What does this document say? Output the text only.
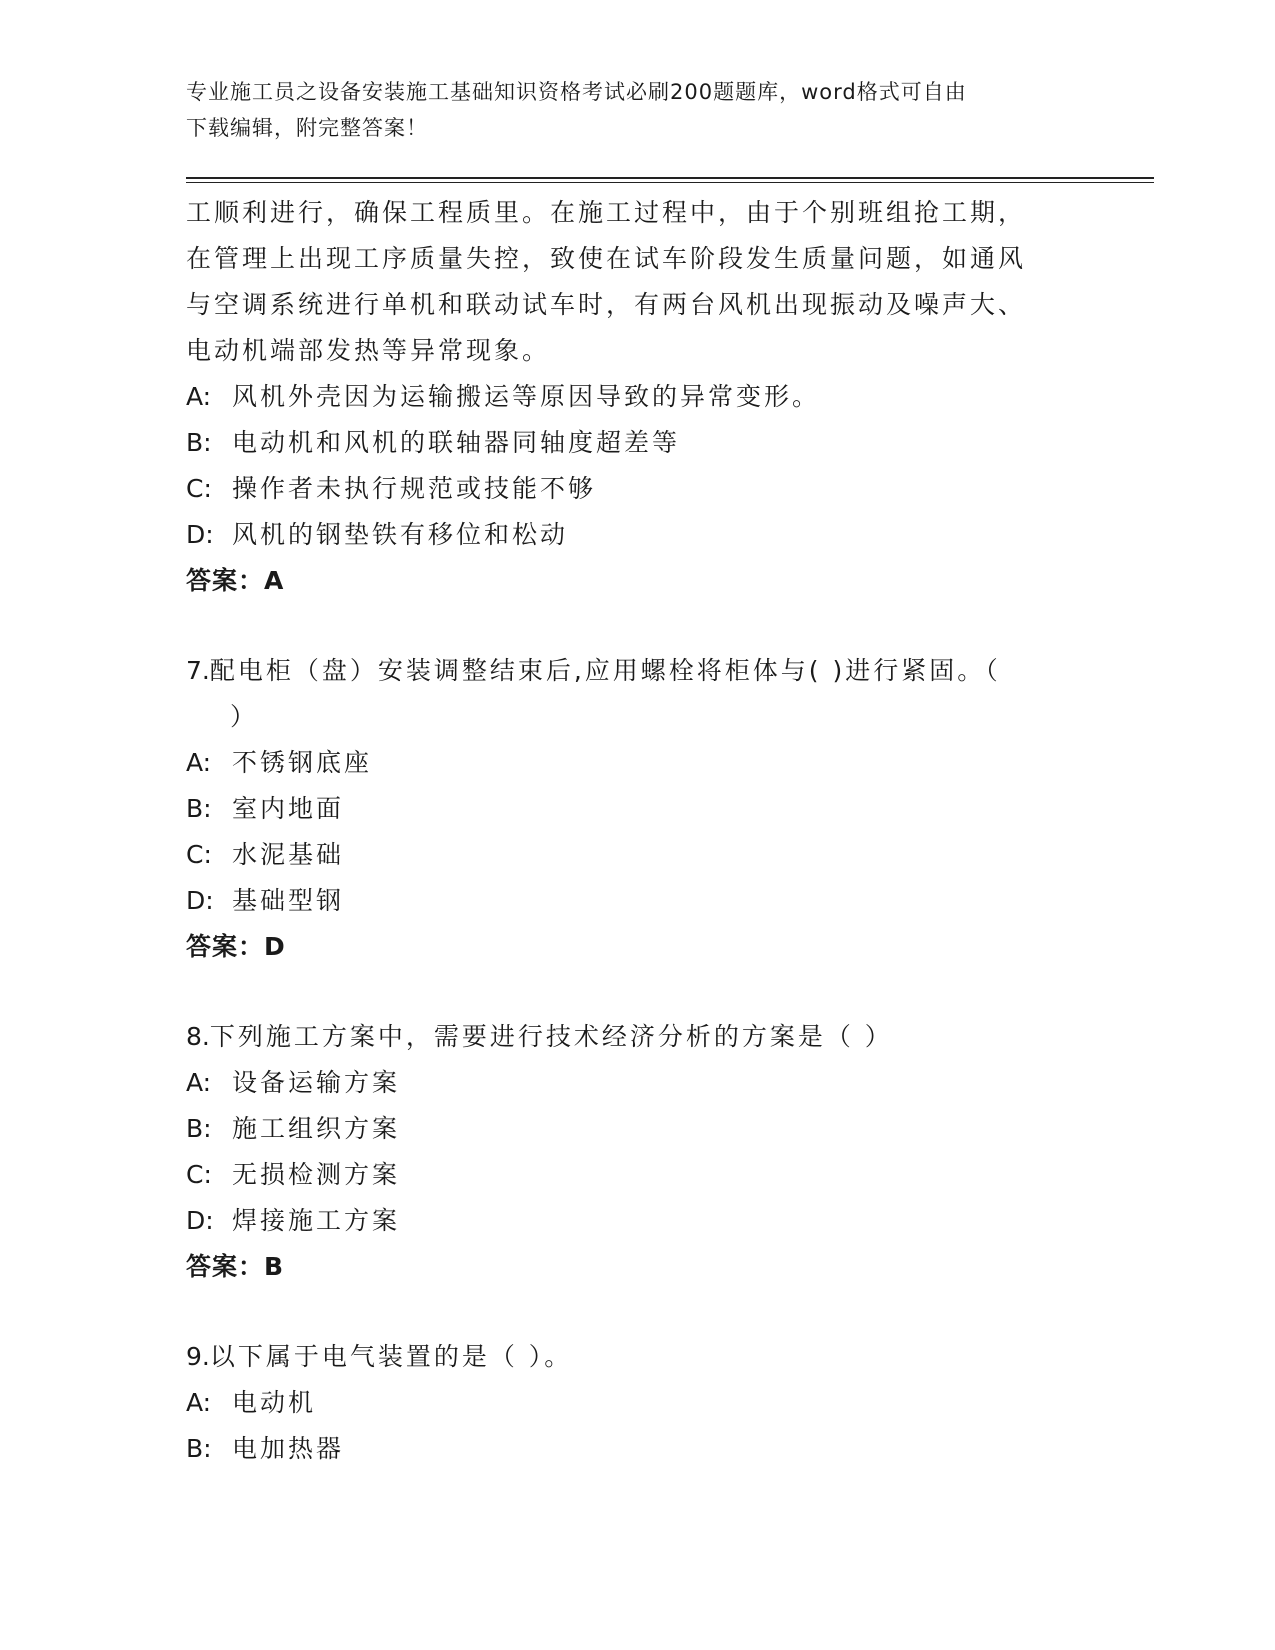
专业施工员之设备安装施工基础知识资格考试必刷200题题库，word格式可自由
下载编辑，附完整答案！
工顺利进行，确保工程质里。在施工过程中，由于个别班组抢工期，
在管理上出现工序质量失控，致使在试车阶段发生质量问题，如通风
与空调系统进行单机和联动试车时，有两台风机出现振动及噪声大、
电动机端部发热等异常现象。
A: 风机外壳因为运输搬运等原因导致的异常变形。
B: 电动机和风机的联轴器同轴度超差等
C: 操作者未执行规范或技能不够
D: 风机的钢垫铁有移位和松动
答案：A
7.配电柜（盘）安装调整结束后,应用螺栓将柜体与( )进行紧固。（
）
A: 不锈钢底座
B: 室内地面
C: 水泥基础
D: 基础型钢
答案：D
8.下列施工方案中，需要进行技术经济分析的方案是（ ）
A: 设备运输方案
B: 施工组织方案
C: 无损检测方案
D: 焊接施工方案
答案：B
9.以下属于电气装置的是（ ）。
A: 电动机
B: 电加热器
